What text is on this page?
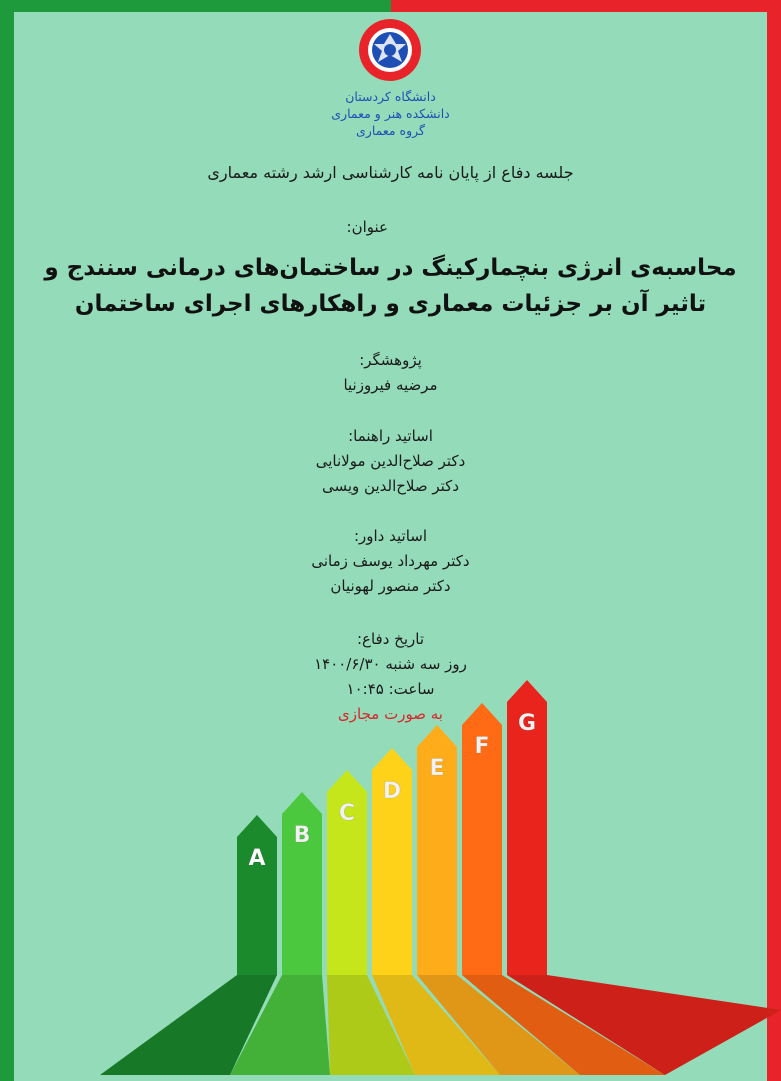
دانشگاه کردستان
دانشکده هنر و معماری
گروه معماری
جلسه دفاع از پایان نامه کارشناسی ارشد رشته معماری
عنوان:
محاسبه‌ی انرژی بنچمارکینگ در ساختمان‌های درمانی سنندج و
تاثیر آن بر جزئیات معماری و راهکارهای اجرای ساختمان
پژوهشگر:
مرضیه فیروزنیا
اساتید راهنما:
دکتر صلاح‌الدین مولانایی
دکتر صلاح‌الدین ویسی
اساتید داور:
دکتر مهرداد یوسف زمانی
دکتر منصور لهونیان
تاریخ دفاع:
روز سه شنبه ۱۴۰۰/۶/۳۰
ساعت: ۱۰:۴۵
به صورت مجازی
A
B
C
D
E
F
G
